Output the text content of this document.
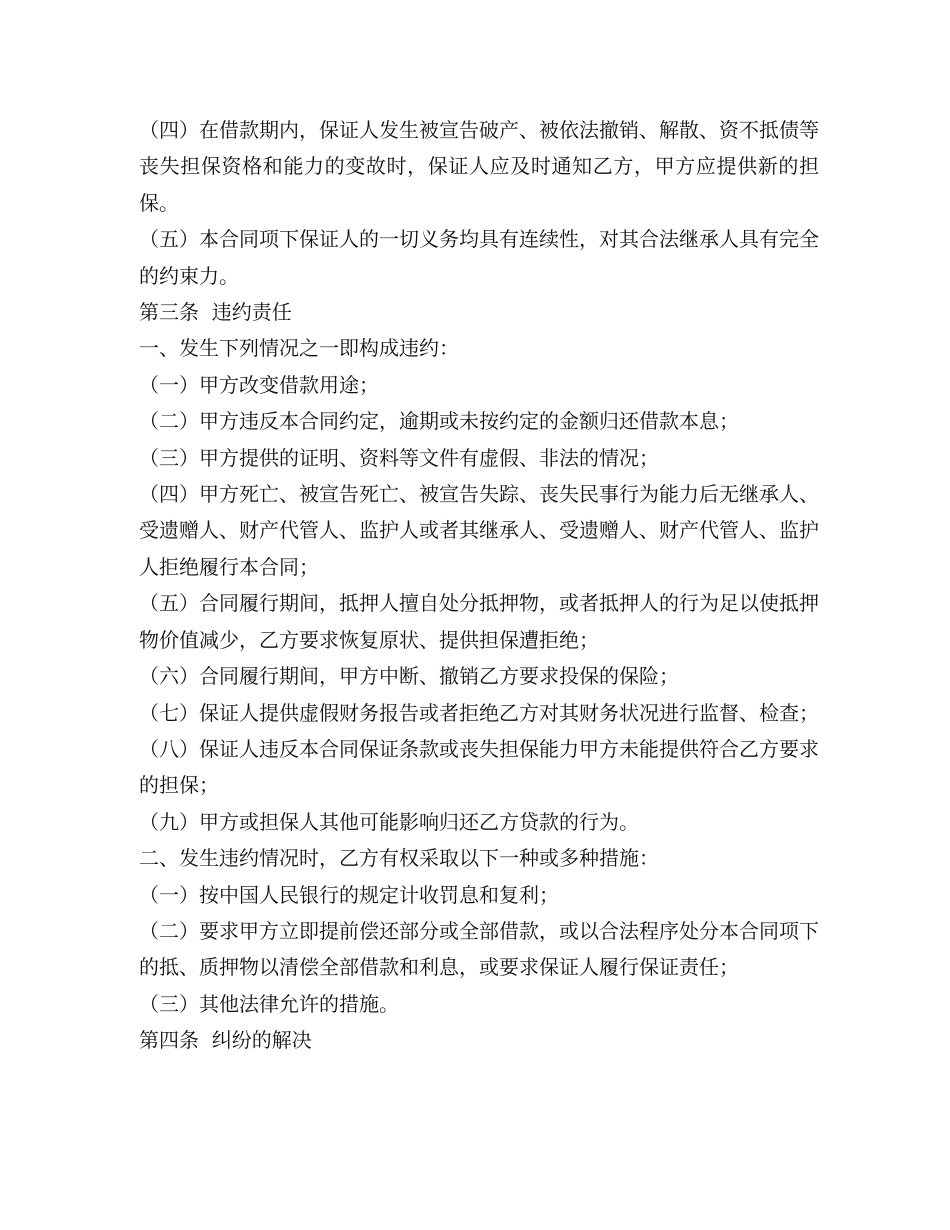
（四）在借款期内，保证人发生被宣告破产、被依法撤销、解散、资不抵债等丧失担保资格和能力的变故时，保证人应及时通知乙方，甲方应提供新的担保。

（五）本合同项下保证人的一切义务均具有连续性，对其合法继承人具有完全的约束力。

第三条  违约责任

一、发生下列情况之一即构成违约：

（一）甲方改变借款用途；

（二）甲方违反本合同约定，逾期或未按约定的金额归还借款本息；

（三）甲方提供的证明、资料等文件有虚假、非法的情况；

（四）甲方死亡、被宣告死亡、被宣告失踪、丧失民事行为能力后无继承人、受遗赠人、财产代管人、监护人或者其继承人、受遗赠人、财产代管人、监护人拒绝履行本合同；

（五）合同履行期间，抵押人擅自处分抵押物，或者抵押人的行为足以使抵押物价值减少，乙方要求恢复原状、提供担保遭拒绝；

（六）合同履行期间，甲方中断、撤销乙方要求投保的保险；

（七）保证人提供虚假财务报告或者拒绝乙方对其财务状况进行监督、检查；

（八）保证人违反本合同保证条款或丧失担保能力甲方未能提供符合乙方要求的担保；

（九）甲方或担保人其他可能影响归还乙方贷款的行为。

二、发生违约情况时，乙方有权采取以下一种或多种措施：

（一）按中国人民银行的规定计收罚息和复利；

（二）要求甲方立即提前偿还部分或全部借款，或以合法程序处分本合同项下的抵、质押物以清偿全部借款和利息，或要求保证人履行保证责任；

（三）其他法律允许的措施。

第四条  纠纷的解决
